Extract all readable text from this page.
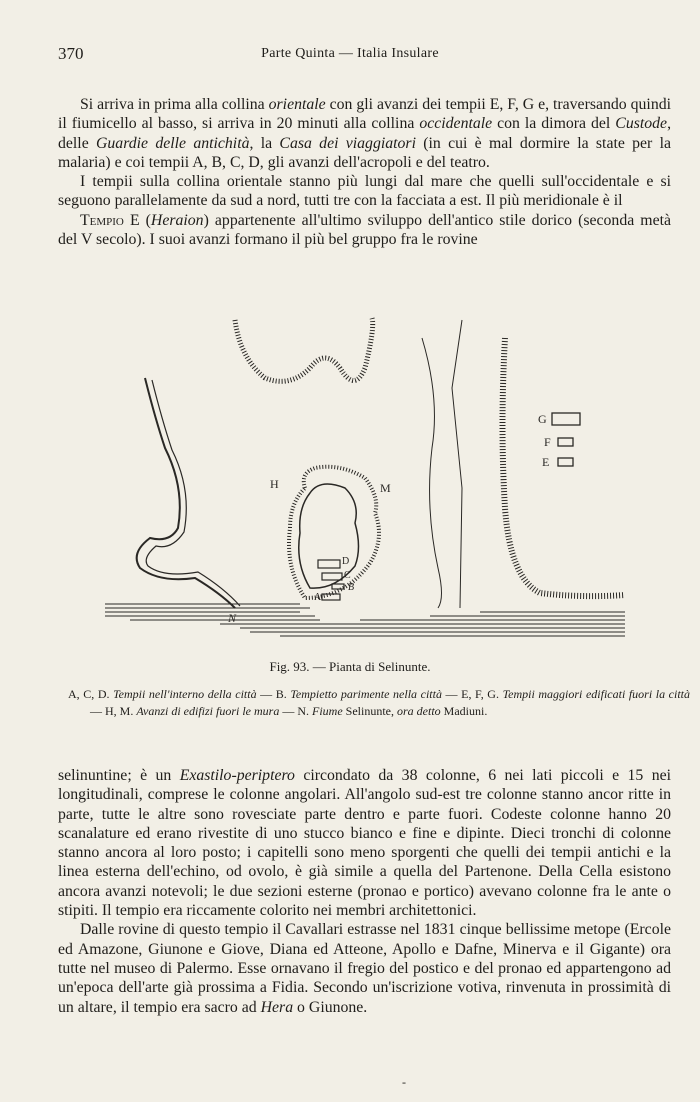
370	Parte Quinta — Italia Insulare

Si arriva in prima alla collina orientale con gli avanzi dei tempii E, F, G e, traversando quindi il fiumicello al basso, si arriva in 20 minuti alla collina occidentale con la dimora del Custode, delle Guardie delle antichità, la Casa dei viaggiatori (in cui è mal dormire la state per la malaria) e coi tempii A, B, C, D, gli avanzi dell'acropoli e del teatro.

I tempii sulla collina orientale stanno più lungi dal mare che quelli sull'occidentale e si seguono parallelamente da sud a nord, tutti tre con la facciata a est. Il più meridionale è il

Tempio E (Heraion) appartenente all'ultimo sviluppo dell'antico stile dorico (seconda metà del V secolo). I suoi avanzi formano il più bel gruppo fra le rovine

G
F
E
H	M
D
C
B
A
N
Fig. 93. — Pianta di Selinunte.
A, C, D. Tempii nell'interno della città — B. Tempietto parimente nella città — E, F, G. Tempii maggiori edificati fuori la città — H, M. Avanzi di edifizi fuori le mura — N. Fiume Selinunte, ora detto Madiuni.

selinuntine; è un Exastilo-periptero circondato da 38 colonne, 6 nei lati piccoli e 15 nei longitudinali, comprese le colonne angolari. All'angolo sud-est tre colonne stanno ancor ritte in parte, tutte le altre sono rovesciate parte dentro e parte fuori. Codeste colonne hanno 20 scanalature ed erano rivestite di uno stucco bianco e fine e dipinte. Dieci tronchi di colonne stanno ancora al loro posto; i capitelli sono meno sporgenti che quelli dei tempii antichi e la linea esterna dell'echino, od ovolo, è già simile a quella del Partenone. Della Cella esistono ancora avanzi notevoli; le due sezioni esterne (pronao e portico) avevano colonne fra le ante o stipiti. Il tempio era riccamente colorito nei membri architettonici.

Dalle rovine di questo tempio il Cavallari estrasse nel 1831 cinque bellissime metope (Ercole ed Amazone, Giunone e Giove, Diana ed Atteone, Apollo e Dafne, Minerva e il Gigante) ora tutte nel museo di Palermo. Esse ornavano il fregio del postico e del pronao ed appartengono ad un'epoca dell'arte già prossima a Fidia. Secondo un'iscrizione votiva, rinvenuta in prossimità di un altare, il tempio era sacro ad Hera o Giunone.

-
